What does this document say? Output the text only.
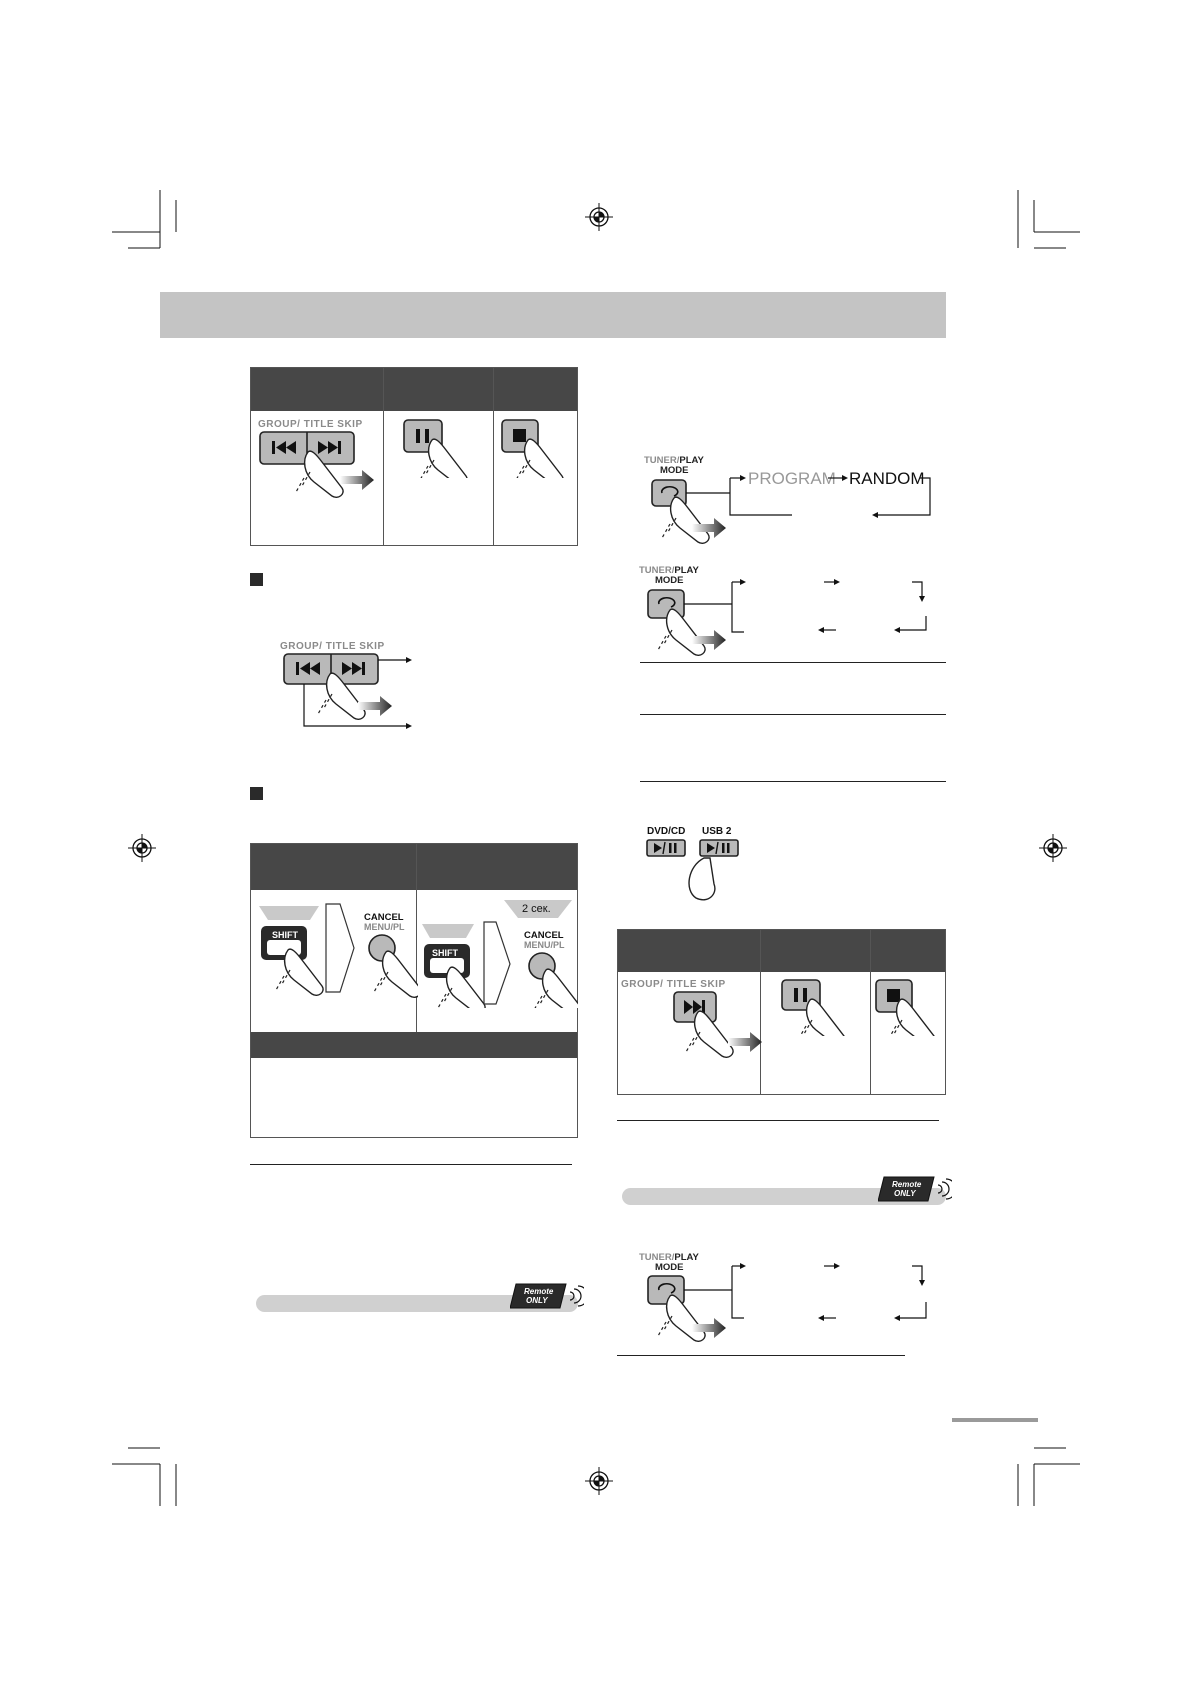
GROUP/ TITLE SKIP
GROUP/ TITLE SKIP
SHIFT
CANCEL
MENU/PL
2 сек.
SHIFT
CANCEL
MENU/PL
Remote
ONLY
TUNER/PLAY
MODE	PROGRAM RANDOM
TUNER/PLAY
MODE
DVD/CD USB 2
GROUP/ TITLE SKIP
Remote
ONLY
TUNER/PLAY
MODE
